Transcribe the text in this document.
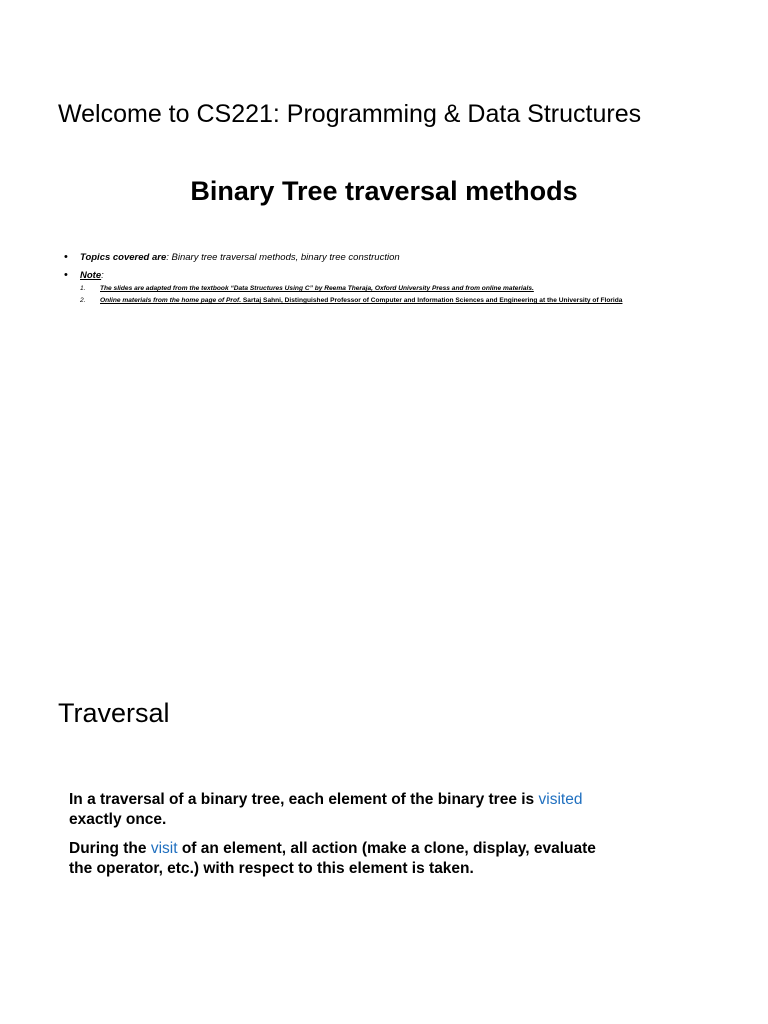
Welcome to CS221: Programming & Data Structures
Binary Tree traversal methods
• Topics covered are: Binary tree traversal methods, binary tree construction
• Note:
1. The slides are adapted from the textbook “Data Structures Using C” by Reema Theraja, Oxford University Press and from online materials.
2. Online materials from the home page of Prof. Sartaj Sahni, Distinguished Professor of Computer and Information Sciences and Engineering at the University of Florida
Traversal

In a traversal of a binary tree, each element of the binary tree is visited exactly once.

During the visit of an element, all action (make a clone, display, evaluate the operator, etc.) with respect to this element is taken.
